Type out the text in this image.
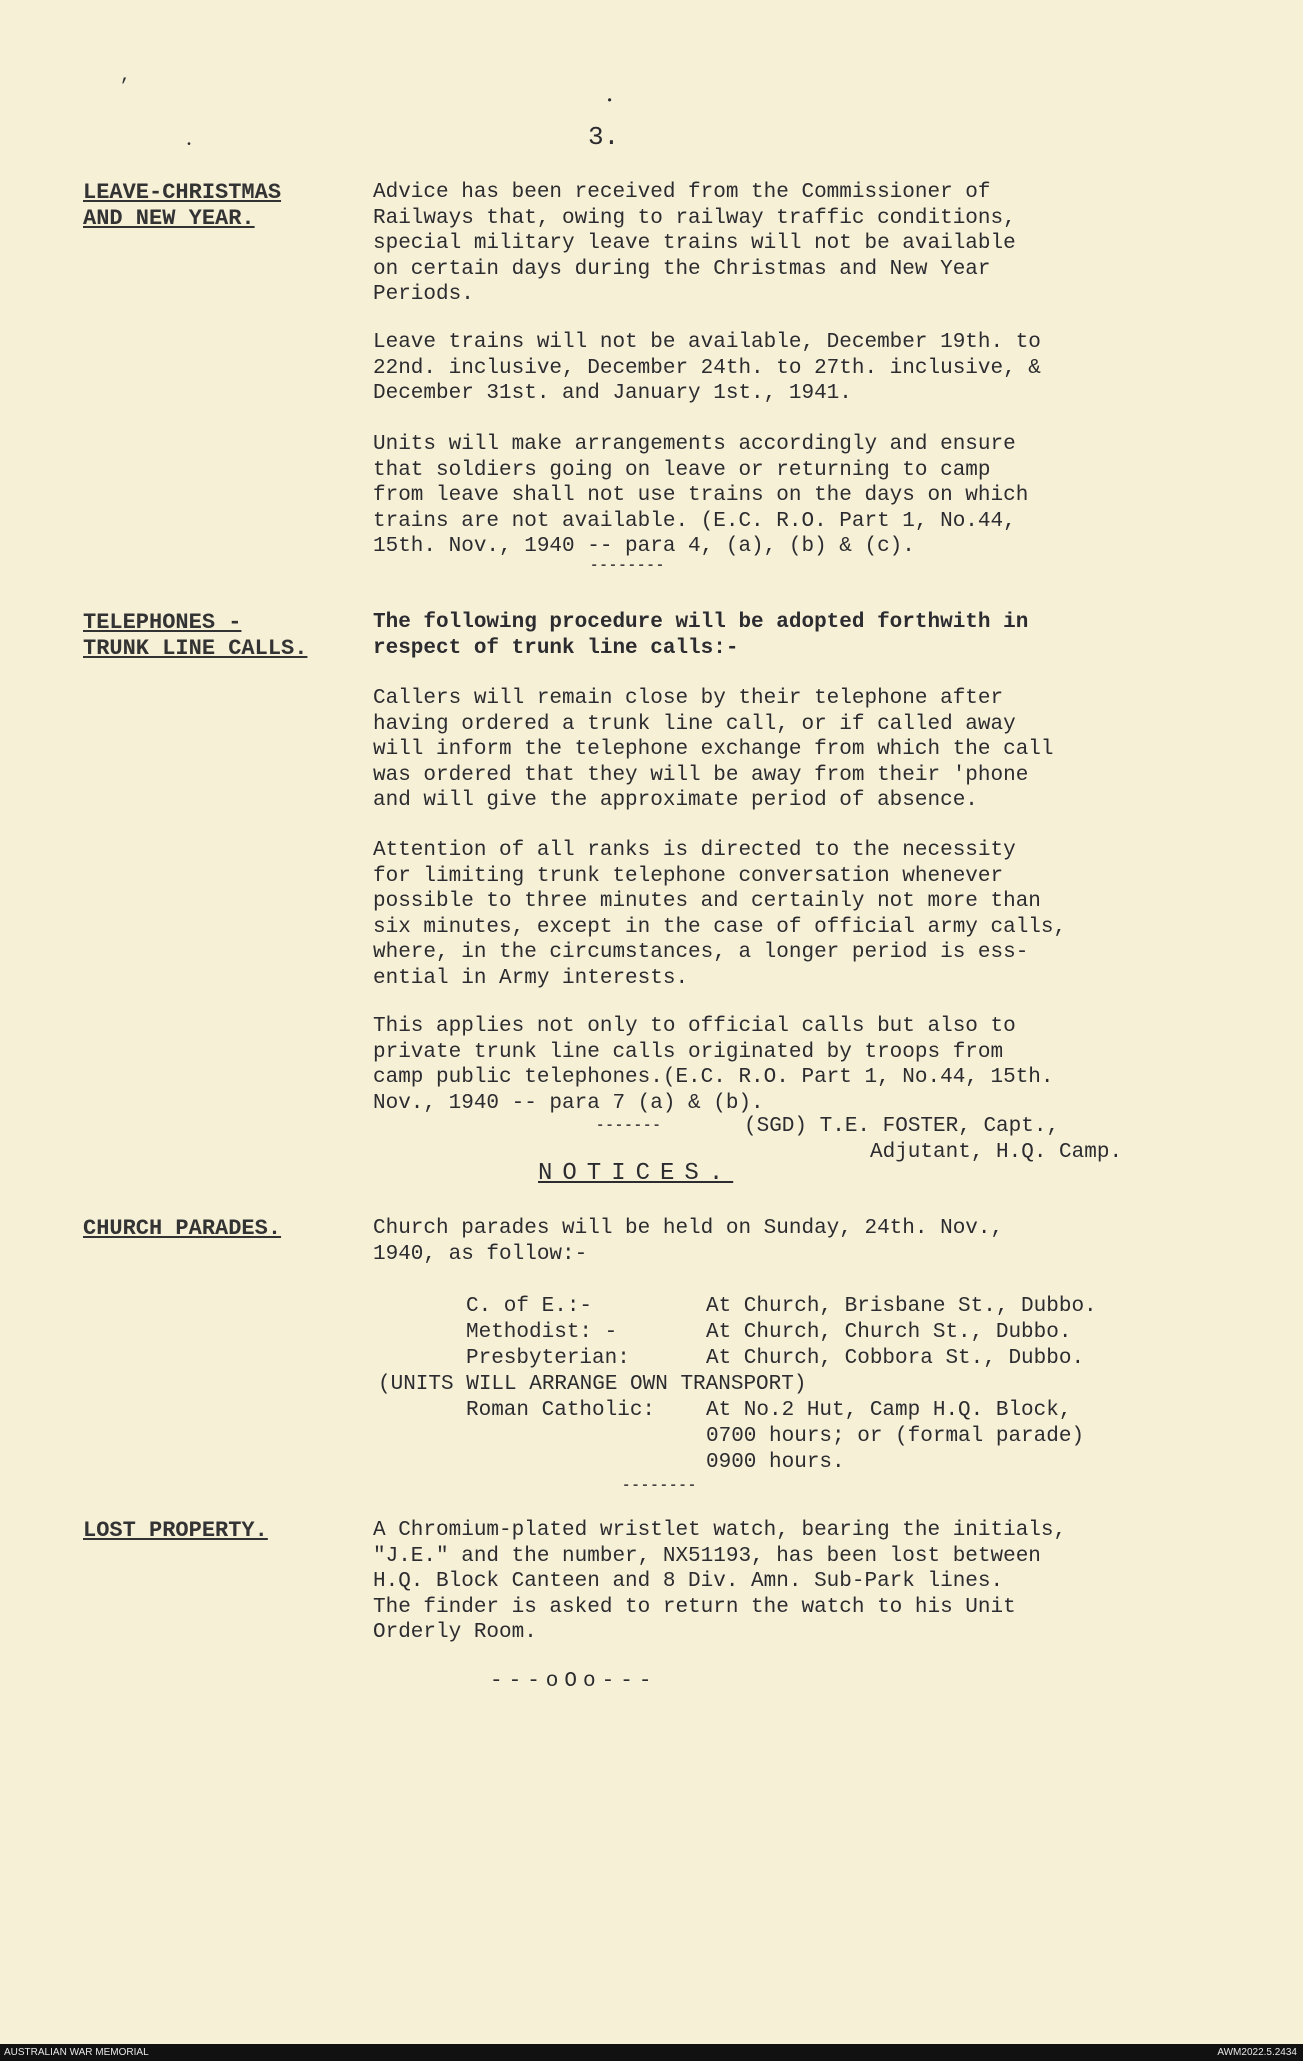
,
•
•	3.
LEAVE-CHRISTMAS
AND NEW YEAR.
Advice has been received from the Commissioner of
Railways that, owing to railway traffic conditions,
special military leave trains will not be available
on certain days during the Christmas and New Year
Periods.
Leave trains will not be available, December 19th. to
22nd. inclusive, December 24th. to 27th. inclusive, &
December 31st. and January 1st., 1941.
Units will make arrangements accordingly and ensure
that soldiers going on leave or returning to camp
from leave shall not use trains on the days on which
trains are not available. (E.C. R.O. Part 1, No.44,
15th. Nov., 1940 -- para 4, (a), (b) & (c).
--------
TELEPHONES -
TRUNK LINE CALLS.
The following procedure will be adopted forthwith in
respect of trunk line calls:-
Callers will remain close by their telephone after
having ordered a trunk line call, or if called away
will inform the telephone exchange from which the call
was ordered that they will be away from their 'phone
and will give the approximate period of absence.
Attention of all ranks is directed to the necessity
for limiting trunk telephone conversation whenever
possible to three minutes and certainly not more than
six minutes, except in the case of official army calls,
where, in the circumstances, a longer period is ess-
ential in Army interests.
This applies not only to official calls but also to
private trunk line calls originated by troops from
camp public telephones.(E.C. R.O. Part 1, No.44, 15th.
Nov., 1940 -- para 7 (a) & (b).
-------	(SGD) T.E. FOSTER, Capt.,
Adjutant, H.Q. Camp.
NOTICES.
CHURCH PARADES.	Church parades will be held on Sunday, 24th. Nov.,
1940, as follow:-
C. of E.:-	At Church, Brisbane St., Dubbo.
Methodist: -	At Church, Church St., Dubbo.
Presbyterian:	At Church, Cobbora St., Dubbo.
(UNITS WILL ARRANGE OWN TRANSPORT)
Roman Catholic: At No.2 Hut, Camp H.Q. Block,
0700 hours; or (formal parade)
0900 hours.
--------
LOST PROPERTY.	A Chromium-plated wristlet watch, bearing the initials,
"J.E." and the number, NX51193, has been lost between
H.Q. Block Canteen and 8 Div. Amn. Sub-Park lines.
The finder is asked to return the watch to his Unit
Orderly Room.
---oOo---
AUSTRALIAN WAR MEMORIAL	AWM2022.5.2434
